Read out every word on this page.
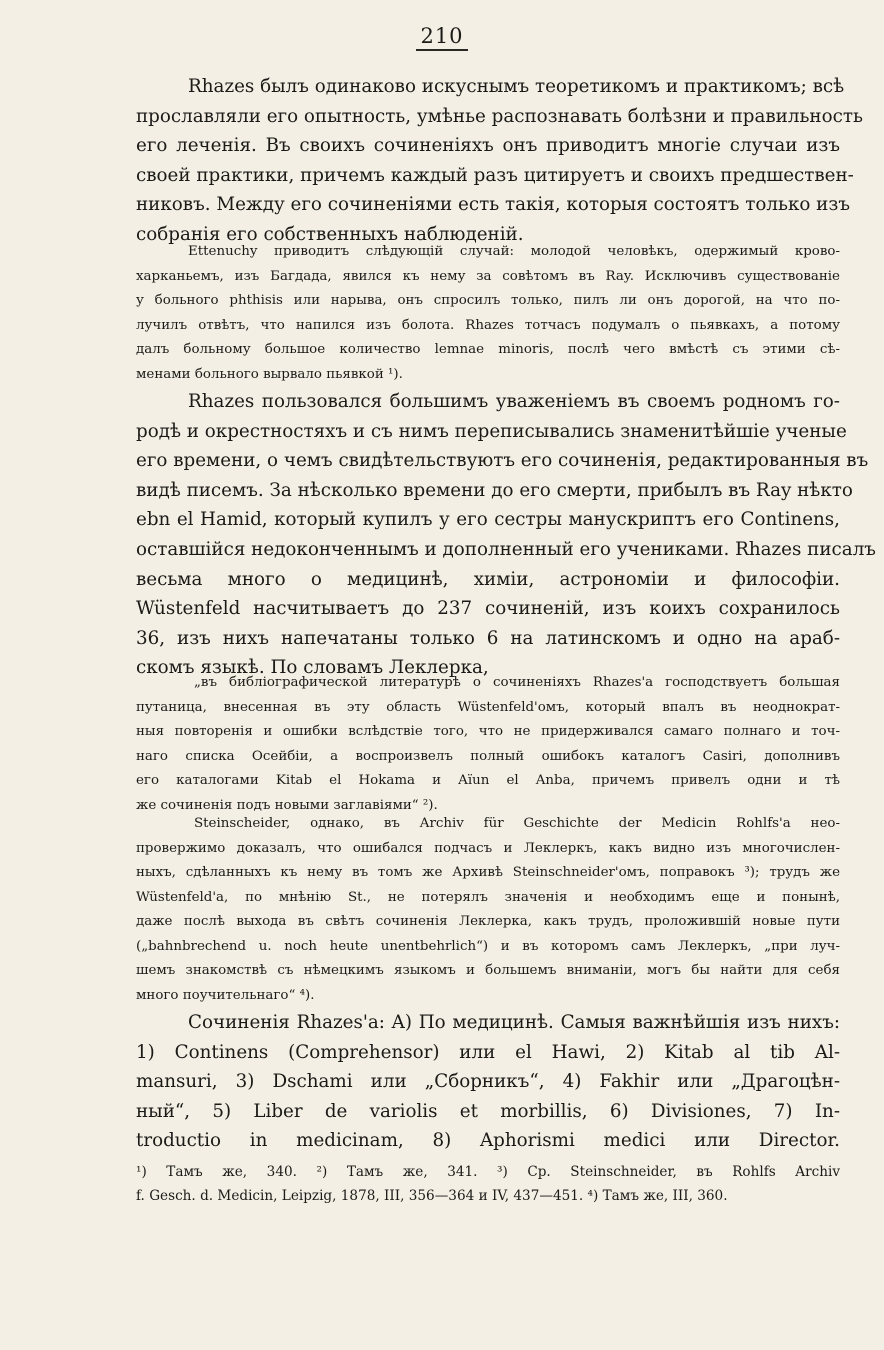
210
Rhazes былъ одинаково искуснымъ теоретикомъ и практикомъ; всѣ
прославляли его опытность, умѣнье распознавать болѣзни и правильность
его леченія. Въ своихъ сочиненіяхъ онъ приводитъ многіе случаи изъ
своей практики, причемъ каждый разъ цитируетъ и своихъ предшествен-
никовъ. Между его сочиненіями есть такія, которыя состоятъ только изъ
собранія его собственныхъ наблюденій.
Ettenuchy приводитъ слѣдующій случай: молодой человѣкъ, одержимый крово-
харканьемъ, изъ Багдада, явился къ нему за совѣтомъ въ Ray. Исключивъ существованіе
у больного phthisis или нарыва, онъ спросилъ только, пилъ ли онъ дорогой, на что по-
лучилъ отвѣтъ, что напился изъ болота. Rhazes тотчасъ подумалъ о пьявкахъ, а потому
далъ больному большое количество lemnae minoris, послѣ чего вмѣстѣ съ этими сѣ-
менами больного вырвало пьявкой ¹).
Rhazes пользовался большимъ уваженіемъ въ своемъ родномъ го-
родѣ и окрестностяхъ и съ нимъ переписывались знаменитѣйшіе ученые
его времени, о чемъ свидѣтельствуютъ его сочиненія, редактированныя въ
видѣ писемъ. За нѣсколько времени до его смерти, прибылъ въ Ray нѣкто
ebn el Hamid, который купилъ у его сестры манускриптъ его Continens,
оставшійся недоконченнымъ и дополненный его учениками. Rhazes писалъ
весьма много о медицинѣ, химіи, астрономіи и философіи.
Wüstenfeld насчитываетъ до 237 сочиненій, изъ коихъ сохранилось
36, изъ нихъ напечатаны только 6 на латинскомъ и одно на араб-
скомъ языкѣ. По словамъ Леклерка,
„въ библіографической литературѣ о сочиненіяхъ Rhazes'а господствуетъ большая
путаница, внесенная въ эту область Wüstenfeld'омъ, который впалъ въ неоднократ-
ныя повторенія и ошибки вслѣдствіе того, что не придерживался самаго полнаго и точ-
наго списка Осейбіи, а воспроизвелъ полный ошибокъ каталогъ Casiri, дополнивъ
его каталогами Kitab el Hokama и Aïun el Anba, причемъ привелъ одни и тѣ
же сочиненія подъ новыми заглавіями“ ²).
Steinscheider, однако, въ Archiv für Geschichte der Medicin Rohlfs'а нео-
провержимо доказалъ, что ошибался подчасъ и Леклеркъ, какъ видно изъ многочислен-
ныхъ, сдѣланныхъ къ нему въ томъ же Архивѣ Steinschneider'омъ, поправокъ ³); трудъ же
Wüstenfeld'а, по мнѣнію St., не потерялъ значенія и необходимъ еще и понынѣ,
даже послѣ выхода въ свѣтъ сочиненія Леклерка, какъ трудъ, проложившій новые пути
(„bahnbrechend u. noch heute unentbehrlich“) и въ которомъ самъ Леклеркъ, „при луч-
шемъ знакомствѣ съ нѣмецкимъ языкомъ и большемъ вниманіи, могъ бы найти для себя
много поучительнаго“ ⁴).
Сочиненія Rhazes'а: A) По медицинѣ. Самыя важнѣйшія изъ нихъ:
1) Continens (Comprehensor) или el Hawi, 2) Kitab al tib Al-
mansuri, 3) Dschami или „Сборникъ“, 4) Fakhir или „Драгоцѣн-
ный“, 5) Liber de variolis et morbillis, 6) Divisiones, 7) In-
troductio in medicinam, 8) Aphorismi medici или Director.
¹) Тамъ же, 340. ²) Тамъ же, 341. ³) Ср. Steinschneider, въ Rohlfs Archiv
f. Gesch. d. Medicin, Leipzig, 1878, III, 356—364 и IV, 437—451. ⁴) Тамъ же, III, 360.
